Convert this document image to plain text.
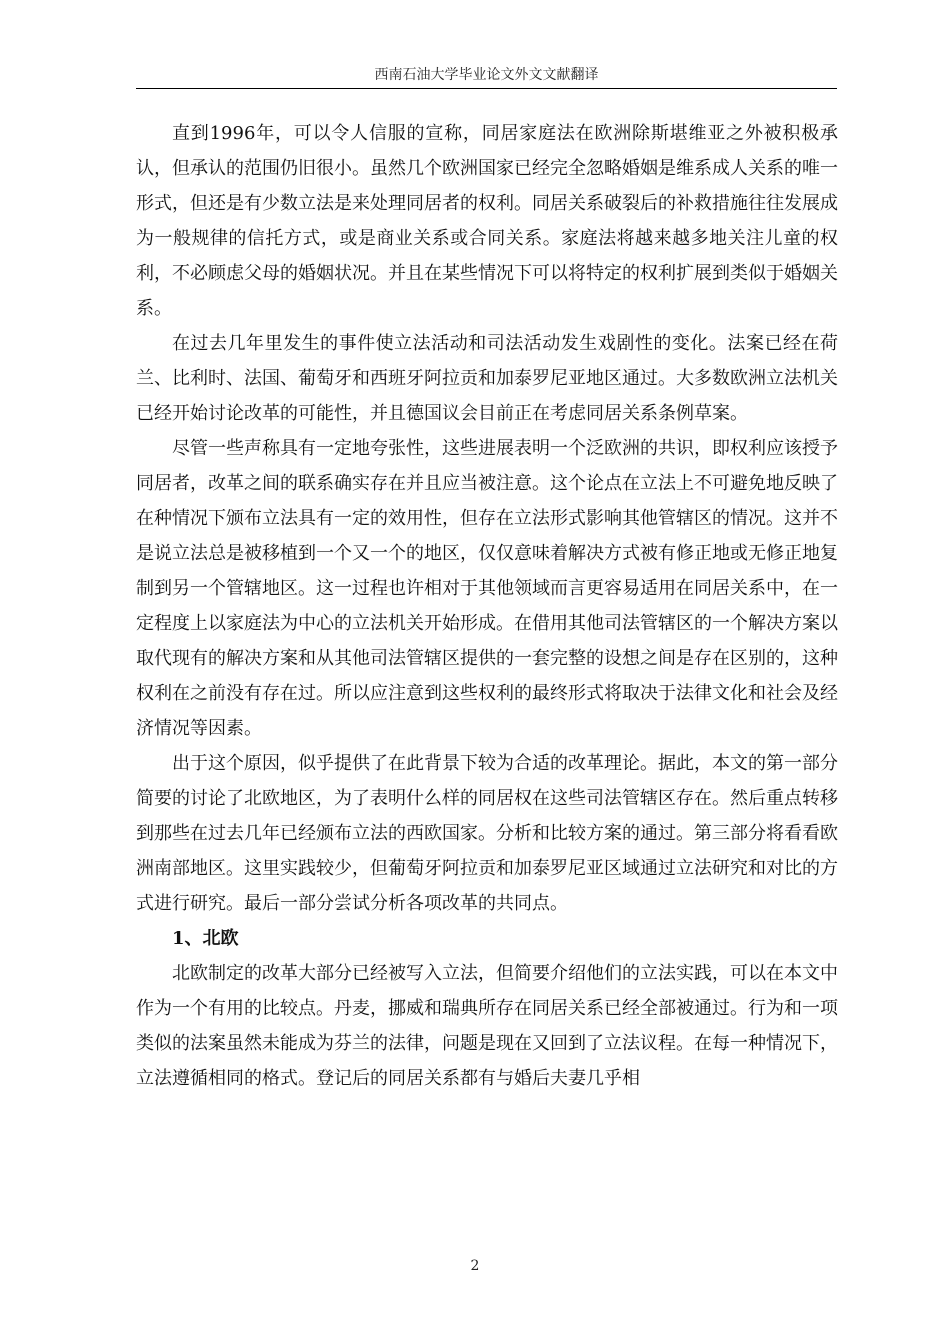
西南石油大学毕业论文外文文献翻译

直到1996年，可以令人信服的宣称，同居家庭法在欧洲除斯堪维亚之外被积极承认，但承认的范围仍旧很小。虽然几个欧洲国家已经完全忽略婚姻是维系成人关系的唯一形式，但还是有少数立法是来处理同居者的权利。同居关系破裂后的补救措施往往发展成为一般规律的信托方式，或是商业关系或合同关系。家庭法将越来越多地关注儿童的权利，不必顾虑父母的婚姻状况。并且在某些情况下可以将特定的权利扩展到类似于婚姻关系。

在过去几年里发生的事件使立法活动和司法活动发生戏剧性的变化。法案已经在荷兰、比利时、法国、葡萄牙和西班牙阿拉贡和加泰罗尼亚地区通过。大多数欧洲立法机关已经开始讨论改革的可能性，并且德国议会目前正在考虑同居关系条例草案。

尽管一些声称具有一定地夸张性，这些进展表明一个泛欧洲的共识，即权利应该授予同居者，改革之间的联系确实存在并且应当被注意。这个论点在立法上不可避免地反映了在种情况下颁布立法具有一定的效用性，但存在立法形式影响其他管辖区的情况。这并不是说立法总是被移植到一个又一个的地区，仅仅意味着解决方式被有修正地或无修正地复制到另一个管辖地区。这一过程也许相对于其他领域而言更容易适用在同居关系中，在一定程度上以家庭法为中心的立法机关开始形成。在借用其他司法管辖区的一个解决方案以取代现有的解决方案和从其他司法管辖区提供的一套完整的设想之间是存在区别的，这种权利在之前没有存在过。所以应注意到这些权利的最终形式将取决于法律文化和社会及经济情况等因素。

出于这个原因，似乎提供了在此背景下较为合适的改革理论。据此，本文的第一部分简要的讨论了北欧地区，为了表明什么样的同居权在这些司法管辖区存在。然后重点转移到那些在过去几年已经颁布立法的西欧国家。分析和比较方案的通过。第三部分将看看欧洲南部地区。这里实践较少，但葡萄牙阿拉贡和加泰罗尼亚区域通过立法研究和对比的方式进行研究。最后一部分尝试分析各项改革的共同点。

1、北欧

北欧制定的改革大部分已经被写入立法，但简要介绍他们的立法实践，可以在本文中作为一个有用的比较点。丹麦，挪威和瑞典所存在同居关系已经全部被通过。行为和一项类似的法案虽然未能成为芬兰的法律，问题是现在又回到了立法议程。在每一种情况下，立法遵循相同的格式。登记后的同居关系都有与婚后夫妻几乎相

2
